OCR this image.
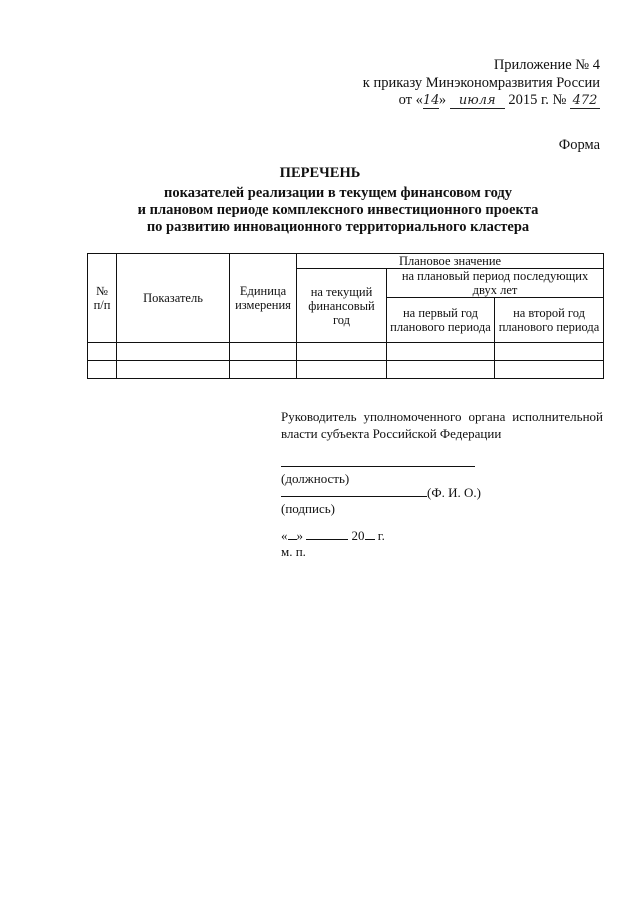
Приложение № 4
к приказу Минэкономразвития России
от «14» июля 2015 г. № 472
Форма
ПЕРЕЧЕНЬ
показателей реализации в текущем финансовом году
и плановом периоде комплексного инвестиционного проекта
по развитию инновационного территориального кластера
№ п/п	Показатель	Единица измерения	Плановое значение		
			на текущий финансовый год	на плановый период последующих двух лет	
				на первый год планового периода	на второй год планового периода

Руководитель уполномоченного органа исполнительной власти субъекта Российской Федерации
(должность)
(Ф. И. О.)
(подпись)
« »	20 г.
м. п.
